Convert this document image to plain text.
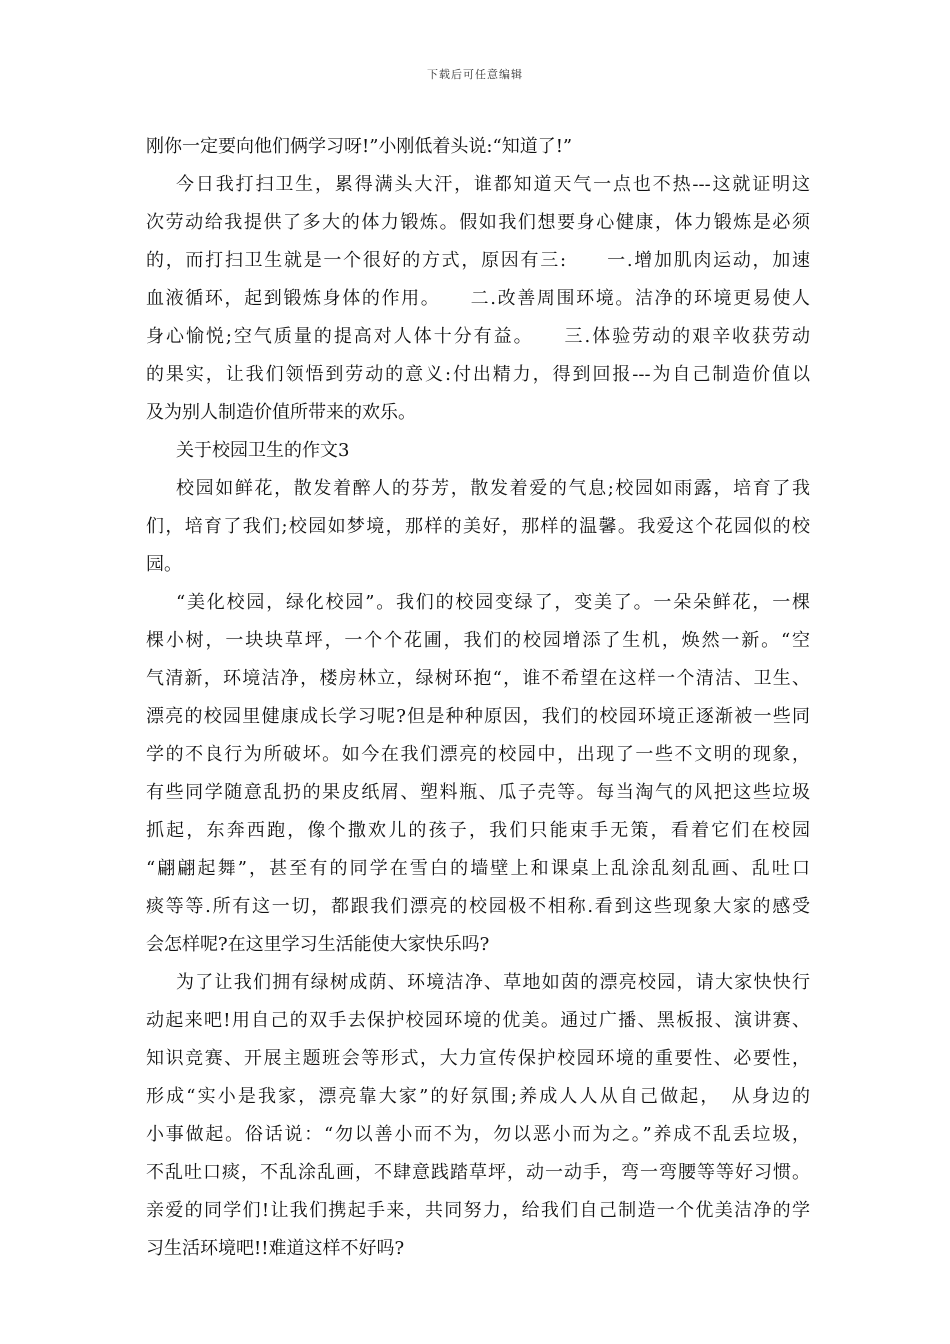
下载后可任意编辑
刚你一定要向他们俩学习呀!”小刚低着头说:“知道了!”
今日我打扫卫生，累得满头大汗，谁都知道天气一点也不热---这就证明这
次劳动给我提供了多大的体力锻炼。假如我们想要身心健康，体力锻炼是必须
的，而打扫卫生就是一个很好的方式，原因有三:　　一.增加肌肉运动，加速
血液循环，起到锻炼身体的作用。　　二.改善周围环境。洁净的环境更易使人
身心愉悦;空气质量的提高对人体十分有益。　　三.体验劳动的艰辛收获劳动
的果实，让我们领悟到劳动的意义:付出精力，得到回报---为自己制造价值以
及为别人制造价值所带来的欢乐。
关于校园卫生的作文3
校园如鲜花，散发着醉人的芬芳，散发着爱的气息;校园如雨露，培育了我
们，培育了我们;校园如梦境，那样的美好，那样的温馨。我爱这个花园似的校
园。
“美化校园，绿化校园”。我们的校园变绿了，变美了。一朵朵鲜花，一棵
棵小树，一块块草坪，一个个花圃，我们的校园增添了生机，焕然一新。“空
气清新，环境洁净，楼房林立，绿树环抱“，谁不希望在这样一个清洁、卫生、
漂亮的校园里健康成长学习呢?但是种种原因，我们的校园环境正逐渐被一些同
学的不良行为所破坏。如今在我们漂亮的校园中，出现了一些不文明的现象，
有些同学随意乱扔的果皮纸屑、塑料瓶、瓜子壳等。每当淘气的风把这些垃圾
抓起，东奔西跑，像个撒欢儿的孩子，我们只能束手无策，看着它们在校园
“翩翩起舞”，甚至有的同学在雪白的墙壁上和课桌上乱涂乱刻乱画、乱吐口
痰等等.所有这一切，都跟我们漂亮的校园极不相称.看到这些现象大家的感受
会怎样呢?在这里学习生活能使大家快乐吗?
为了让我们拥有绿树成荫、环境洁净、草地如茵的漂亮校园，请大家快快行
动起来吧!用自己的双手去保护校园环境的优美。通过广播、黑板报、演讲赛、
知识竞赛、开展主题班会等形式，大力宣传保护校园环境的重要性、必要性，
形成“实小是我家，漂亮靠大家”的好氛围;养成人人从自己做起，　从身边的
小事做起。俗话说：“勿以善小而不为，勿以恶小而为之。”养成不乱丢垃圾，
不乱吐口痰，不乱涂乱画，不肆意践踏草坪，动一动手，弯一弯腰等等好习惯。
亲爱的同学们!让我们携起手来，共同努力，给我们自己制造一个优美洁净的学
习生活环境吧!!难道这样不好吗?
